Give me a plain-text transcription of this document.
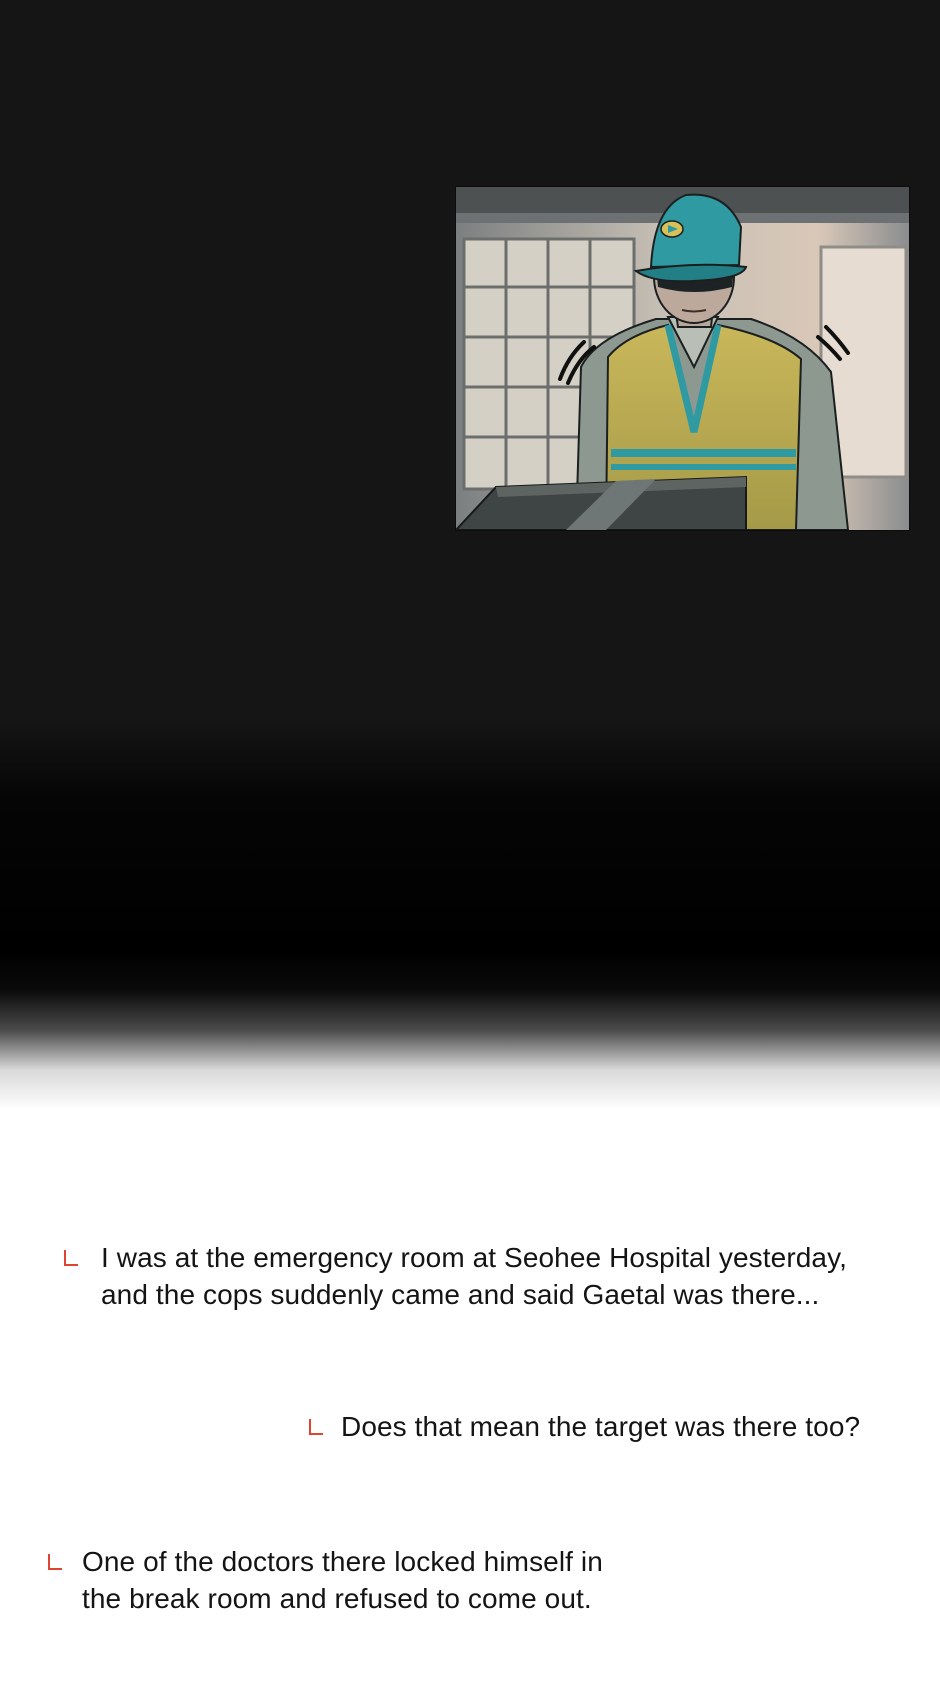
I was at the emergency room at Seohee Hospital yesterday,
and the cops suddenly came and said Gaetal was there...
Does that mean the target was there too?
One of the doctors there locked himself in
the break room and refused to come out.
